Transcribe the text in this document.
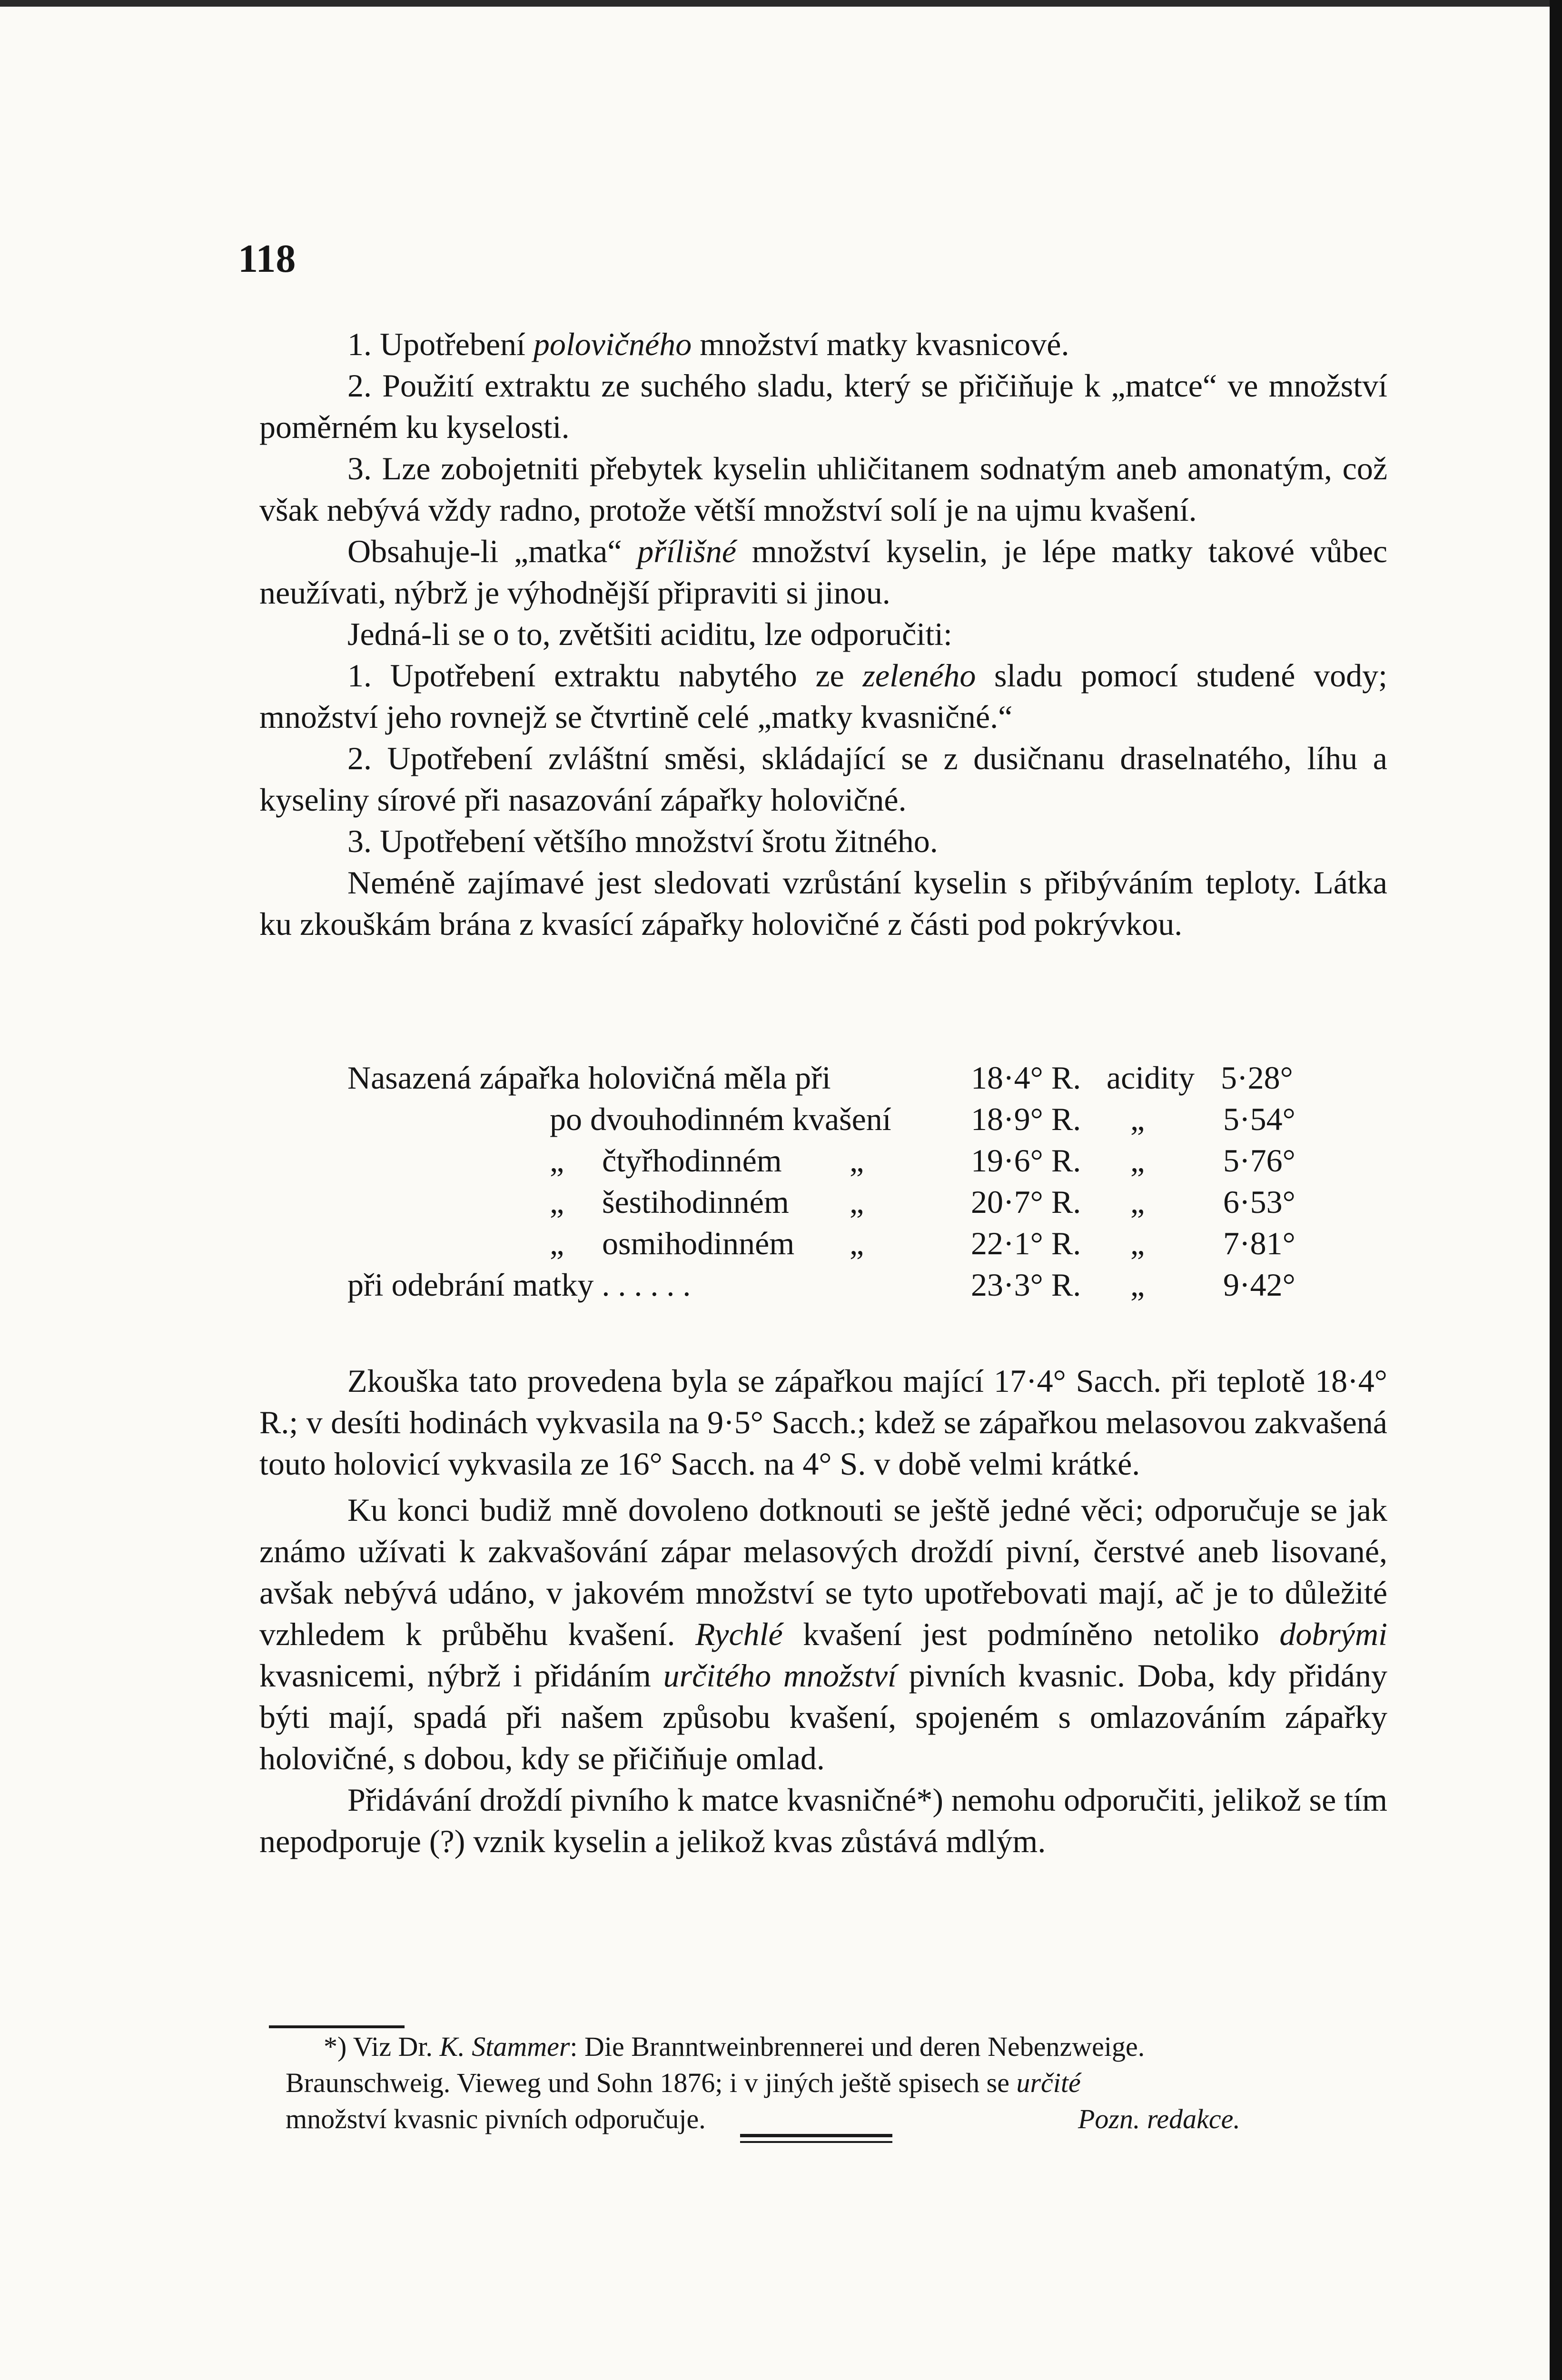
118

1. Upotřebení polovičného množství matky kvasnicové.

2. Použití extraktu ze suchého sladu, který se přičiňuje k „matce“ ve množství poměrném ku kyselosti.

3. Lze zobojetniti přebytek kyselin uhličitanem sodnatým aneb amonatým, což však nebývá vždy radno, protože větší množství solí je na ujmu kvašení.

Obsahuje-li „matka“ přílišné množství kyselin, je lépe matky takové vůbec neužívati, nýbrž je výhodnější připraviti si jinou.

Jedná-li se o to, zvětšiti aciditu, lze odporučiti:

1. Upotřebení extraktu nabytého ze zeleného sladu pomocí studené vody; množství jeho rovnejž se čtvrtině celé „matky kvasničné.“

2. Upotřebení zvláštní směsi, skládající se z dusičnanu draselnatého, líhu a kyseliny sírové při nasazování zápařky holovičné.

3. Upotřebení většího množství šrotu žitného.

Neméně zajímavé jest sledovati vzrůstání kyselin s přibýváním teploty. Látka ku zkouškám brána z kvasící zápařky holovičné z části pod pokrývkou.

Nasazená zápařka holovičná měla při	18·4° R. acidity 5·28°
po dvouhodinném kvašení 18·9° R. „ 5·54°
„ čtyřhodinném „	19·6° R. „ 5·76°
„ šestihodinném „	20·7° R. „ 6·53°
„ osmihodinném „	22·1° R. „ 7·81°
při odebrání matky . . . . . .	23·3° R. „ 9·42°

Zkouška tato provedena byla se zápařkou mající 17·4° Sacch. při teplotě 18·4° R.; v desíti hodinách vykvasila na 9·5° Sacch.; kdež se zápařkou melasovou zakvašená touto holovicí vykvasila ze 16° Sacch. na 4° S. v době velmi krátké.

Ku konci budiž mně dovoleno dotknouti se ještě jedné věci; odporučuje se jak známo užívati k zakvašování zápar melasových droždí pivní, čerstvé aneb lisované, avšak nebývá udáno, v jakovém množství se tyto upotřebovati mají, ač je to důležité vzhledem k průběhu kvašení. Rychlé kvašení jest podmíněno netoliko dobrými kvasnicemi, nýbrž i přidáním určitého množství pivních kvasnic. Doba, kdy přidány býti mají, spadá při našem způsobu kvašení, spojeném s omlazováním zápařky holovičné, s dobou, kdy se přičiňuje omlad.

Přidávání droždí pivního k matce kvasničné*) nemohu odporučiti, jelikož se tím nepodporuje (?) vznik kyselin a jelikož kvas zůstává mdlým.

*) Viz Dr. K. Stammer: Die Branntweinbrennerei und deren Nebenzweige.

Braunschweig. Vieweg und Sohn 1876; i v jiných ještě spisech se určité

množství kvasnic pivních odporučuje.	Pozn. redakce.
